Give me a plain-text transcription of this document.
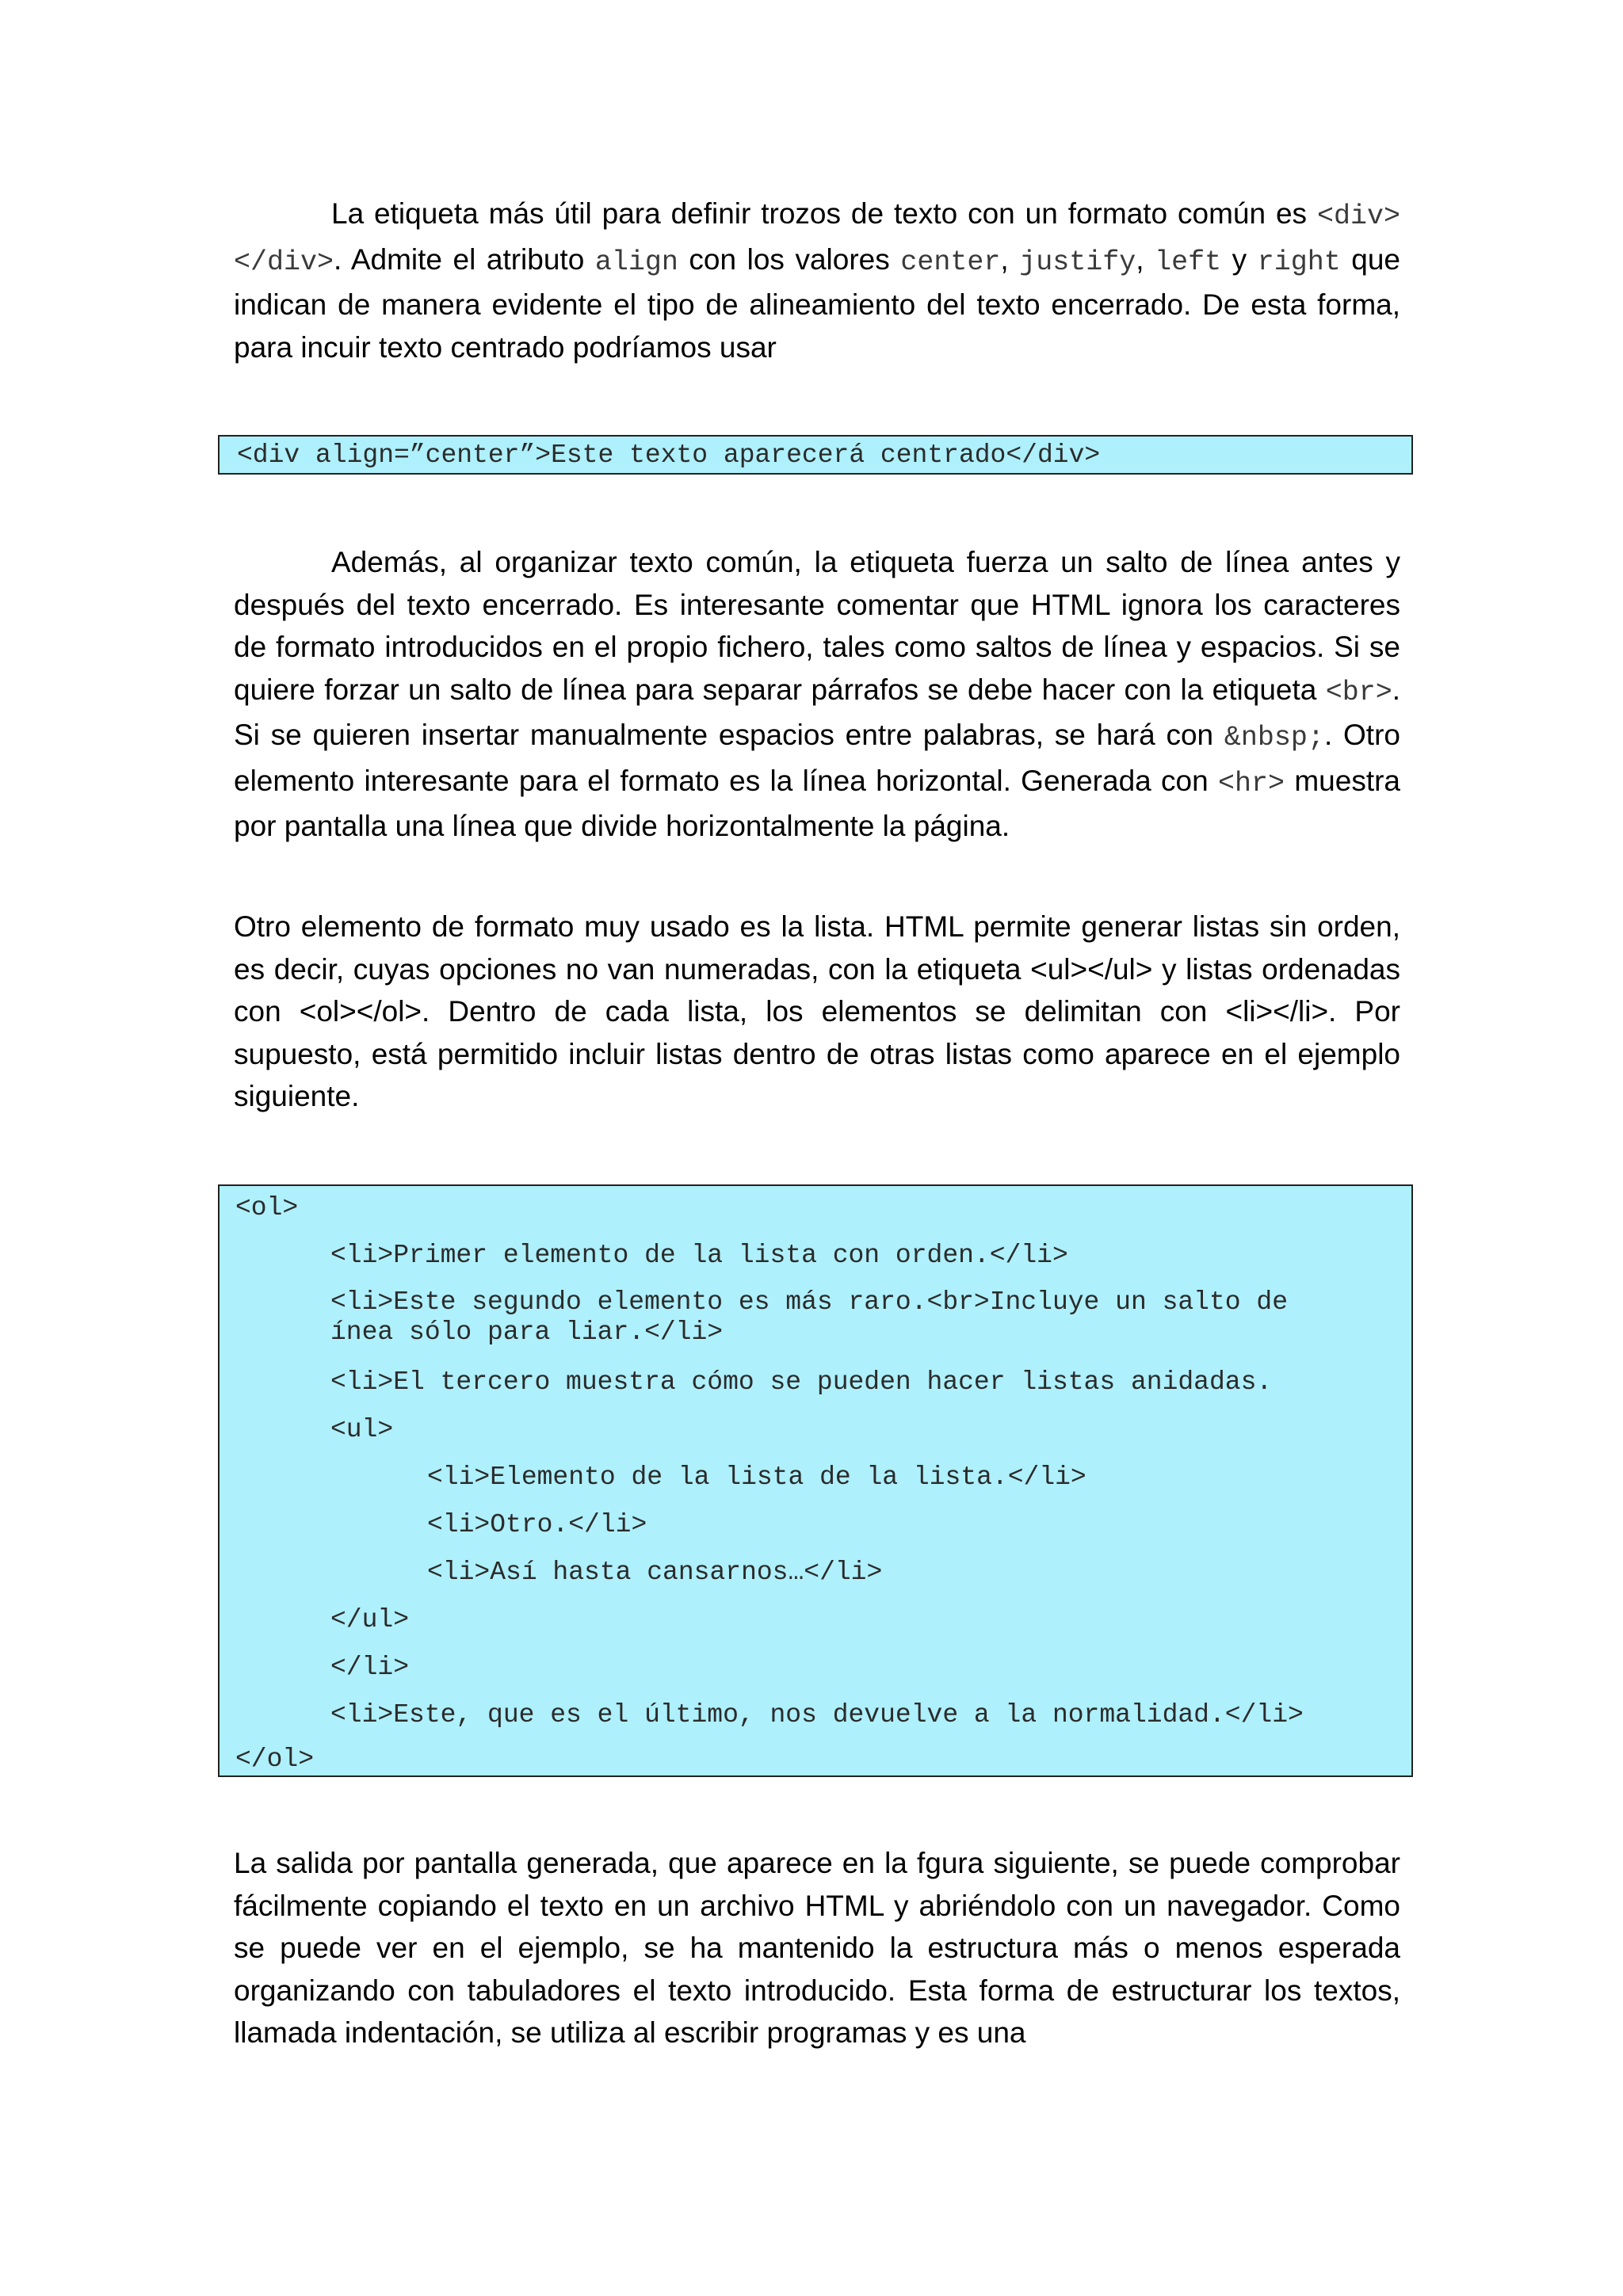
La etiqueta más útil para definir trozos de texto con un formato común es <div></div>. Admite el atributo align con los valores center, justify, left y right que indican de manera evidente el tipo de alineamiento del texto encerrado. De esta forma, para incuir texto centrado podríamos usar

<div align=”center”>Este texto aparecerá centrado</div>

Además, al organizar texto común, la etiqueta fuerza un salto de línea antes y después del texto encerrado. Es interesante comentar que HTML ignora los caracteres de formato introducidos en el propio fichero, tales como saltos de línea y espacios. Si se quiere forzar un salto de línea para separar párrafos se debe hacer con la etiqueta <br>. Si se quieren insertar manualmente espacios entre palabras, se hará con &nbsp;. Otro elemento interesante para el formato es la línea horizontal. Generada con <hr> muestra por pantalla una línea que divide horizontalmente la página.

Otro elemento de formato muy usado es la lista. HTML permite generar listas sin orden, es decir, cuyas opciones no van numeradas, con la etiqueta <ul></ul> y listas ordenadas con <ol></ol>. Dentro de cada lista, los elementos se delimitan con <li></li>. Por supuesto, está permitido incluir listas dentro de otras listas como aparece en el ejemplo siguiente.

<ol>
<li>Primer elemento de la lista con orden.</li>
<li>Este segundo elemento es más raro.<br>Incluye un salto de ínea sólo para liar.</li>
<li>El tercero muestra cómo se pueden hacer listas anidadas.
<ul>
<li>Elemento de la lista de la lista.</li>
<li>Otro.</li>
<li>Así hasta cansarnos…</li>
</ul>
</li>
<li>Este, que es el último, nos devuelve a la normalidad.</li>
</ol>

La salida por pantalla generada, que aparece en la fgura siguiente, se puede comprobar fácilmente copiando el texto en un archivo HTML y abriéndolo con un navegador. Como se puede ver en el ejemplo, se ha mantenido la estructura más o menos esperada organizando con tabuladores el texto introducido. Esta forma de estructurar los textos, llamada indentación, se utiliza al escribir programas y es una
